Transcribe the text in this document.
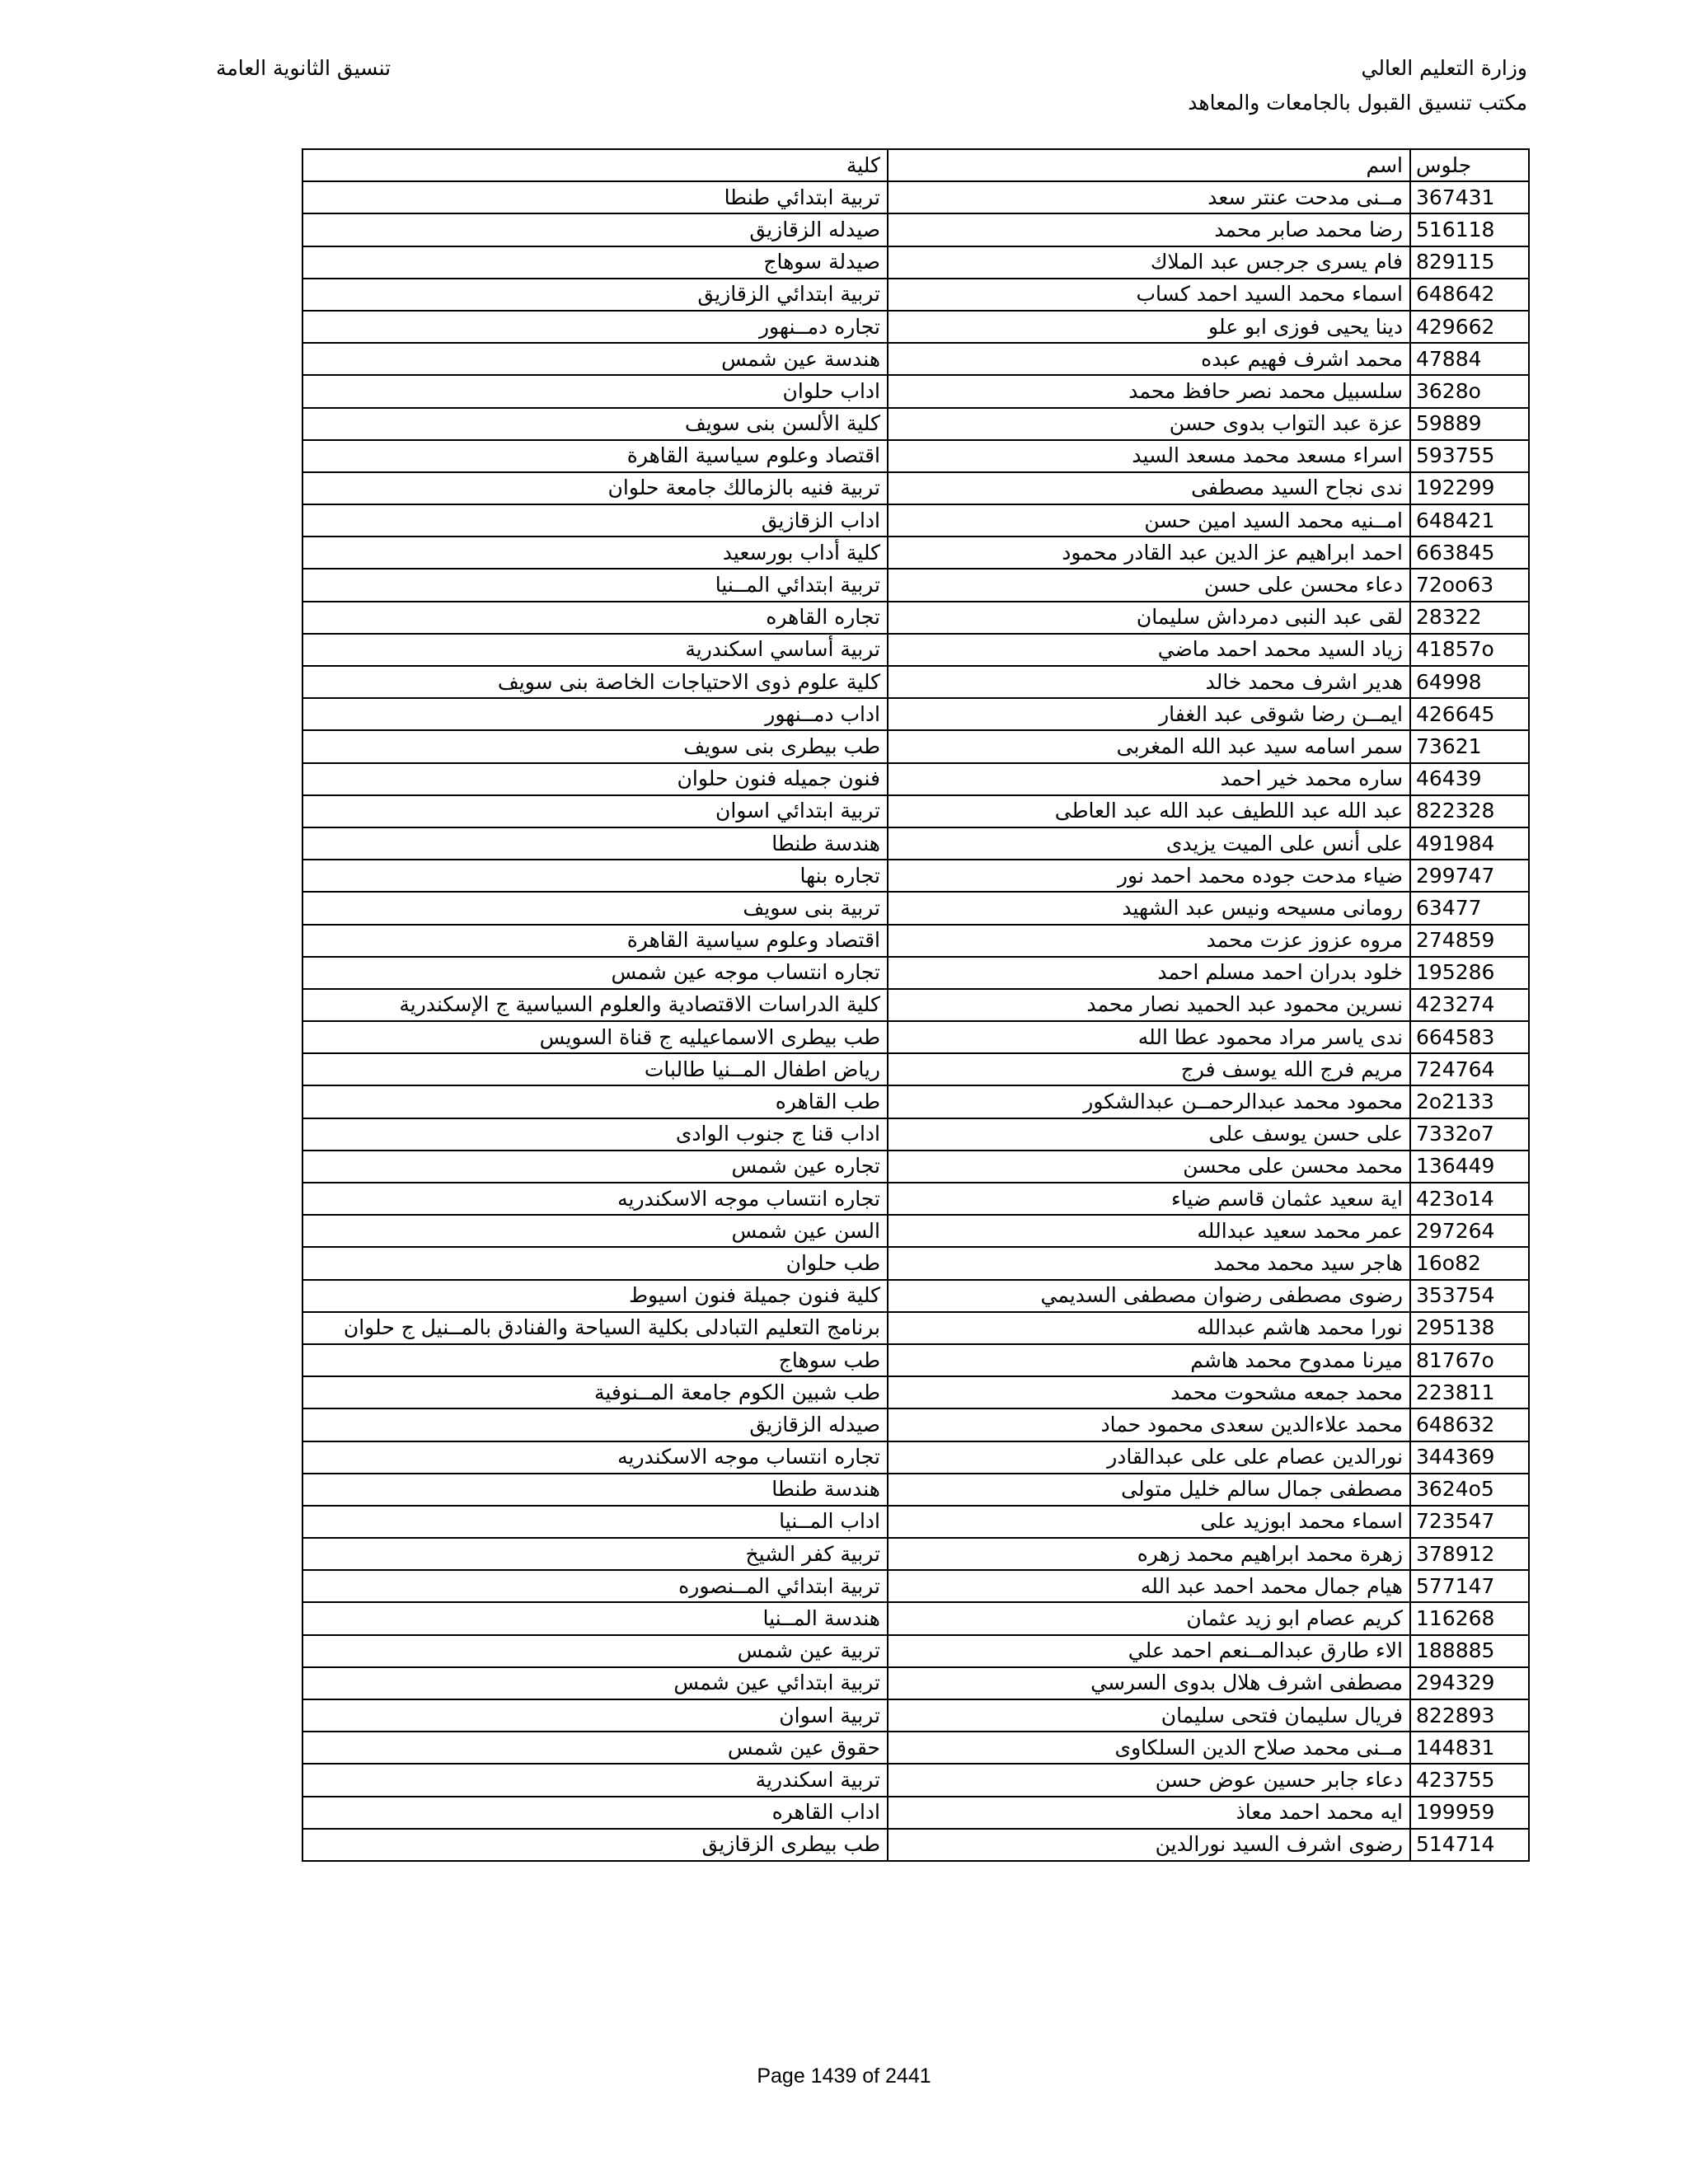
وزارة التعليم العالي
مكتب تنسيق القبول بالجامعات والمعاهد
تنسيق الثانوية العامة
كلية	اسم	جلوس
تربية ابتدائي طنطا	مــنى مدحت عنتر سعد	367431
صيدله الزقازيق	رضا محمد صابر محمد	516118
صيدلة سوهاج	فام يسرى جرجس عبد الملاك	829115
تربية ابتدائي الزقازيق	اسماء محمد السيد احمد كساب	648642
تجاره دمــنهور	دينا يحيى فوزى ابو علو	429662
هندسة عين شمس	محمد اشرف فهيم عبده	47884
اداب حلوان	سلسبيل محمد نصر حافظ محمد	3628o
كلية الألسن بنى سويف	عزة عبد التواب بدوى حسن	59889
اقتصاد وعلوم سياسية القاهرة	اسراء مسعد محمد مسعد السيد	593755
تربية فنيه بالزمالك جامعة حلوان	ندى نجاح السيد مصطفى	192299
اداب الزقازيق	امــنيه محمد السيد امين حسن	648421
كلية أداب بورسعيد	احمد ابراهيم عز الدين عبد القادر محمود	663845
تربية ابتدائي المــنيا	دعاء محسن على حسن	72oo63
تجاره القاهره	لقى عبد النبى دمرداش سليمان	28322
تربية أساسي اسكندرية	زياد السيد محمد احمد ماضي	41857o
كلية علوم ذوى الاحتياجات الخاصة بنى سويف	هدير اشرف محمد خالد	64998
اداب دمــنهور	ايمــن رضا شوقى عبد الغفار	426645
طب بيطرى بنى سويف	سمر اسامه سيد عبد الله المغربى	73621
فنون جميله فنون حلوان	ساره محمد خير احمد	46439
تربية ابتدائي اسوان	عبد الله عبد اللطيف عبد الله عبد العاطى	822328
هندسة طنطا	على أنس على الميت يزيدى	491984
تجاره بنها	ضياء مدحت جوده محمد احمد نور	299747
تربية بنى سويف	رومانى مسيحه ونيس عبد الشهيد	63477
اقتصاد وعلوم سياسية القاهرة	مروه عزوز عزت محمد	274859
تجاره انتساب موجه عين شمس	خلود بدران احمد مسلم احمد	195286
كلية الدراسات الاقتصادية والعلوم السياسية ج الإسكندرية	نسرين محمود عبد الحميد نصار محمد	423274
طب بيطرى الاسماعيليه ج قناة السويس	ندى ياسر مراد محمود عطا الله	664583
رياض اطفال المــنيا طالبات	مريم فرج الله يوسف فرج	724764
طب القاهره	محمود محمد عبدالرحمــن عبدالشكور	2o2133
اداب قنا ج جنوب الوادى	على حسن يوسف على	7332o7
تجاره عين شمس	محمد محسن على محسن	136449
تجاره انتساب موجه الاسكندريه	اية سعيد عثمان قاسم ضياء	423o14
السن عين شمس	عمر محمد سعيد عبدالله	297264
طب حلوان	هاجر سيد محمد محمد	16o82
كلية فنون جميلة فنون اسيوط	رضوى مصطفى رضوان مصطفى السديمي	353754
برنامج التعليم التبادلى بكلية السياحة والفنادق بالمــنيل ج حلوان	نورا محمد هاشم عبدالله	295138
طب سوهاج	ميرنا ممدوح محمد هاشم	81767o
طب شبين الكوم جامعة المــنوفية	محمد جمعه مشحوت محمد	223811
صيدله الزقازيق	محمد علاءالدين سعدى محمود حماد	648632
تجاره انتساب موجه الاسكندريه	نورالدين عصام على على عبدالقادر	344369
هندسة طنطا	مصطفى جمال سالم خليل متولى	3624o5
اداب المــنيا	اسماء محمد ابوزيد على	723547
تربية كفر الشيخ	زهرة محمد ابراهيم محمد زهره	378912
تربية ابتدائي المــنصوره	هيام جمال محمد احمد عبد الله	577147
هندسة المــنيا	كريم عصام ابو زيد عثمان	116268
تربية عين شمس	الاء طارق عبدالمــنعم احمد علي	188885
تربية ابتدائي عين شمس	مصطفى اشرف هلال بدوى السرسي	294329
تربية اسوان	فريال سليمان فتحى سليمان	822893
حقوق عين شمس	مــنى محمد صلاح الدين السلكاوى	144831
تربية اسكندرية	دعاء جابر حسين عوض حسن	423755
اداب القاهره	ايه محمد احمد معاذ	199959
طب بيطرى الزقازيق	رضوى اشرف السيد نورالدين	514714
Page 1439 of 2441
